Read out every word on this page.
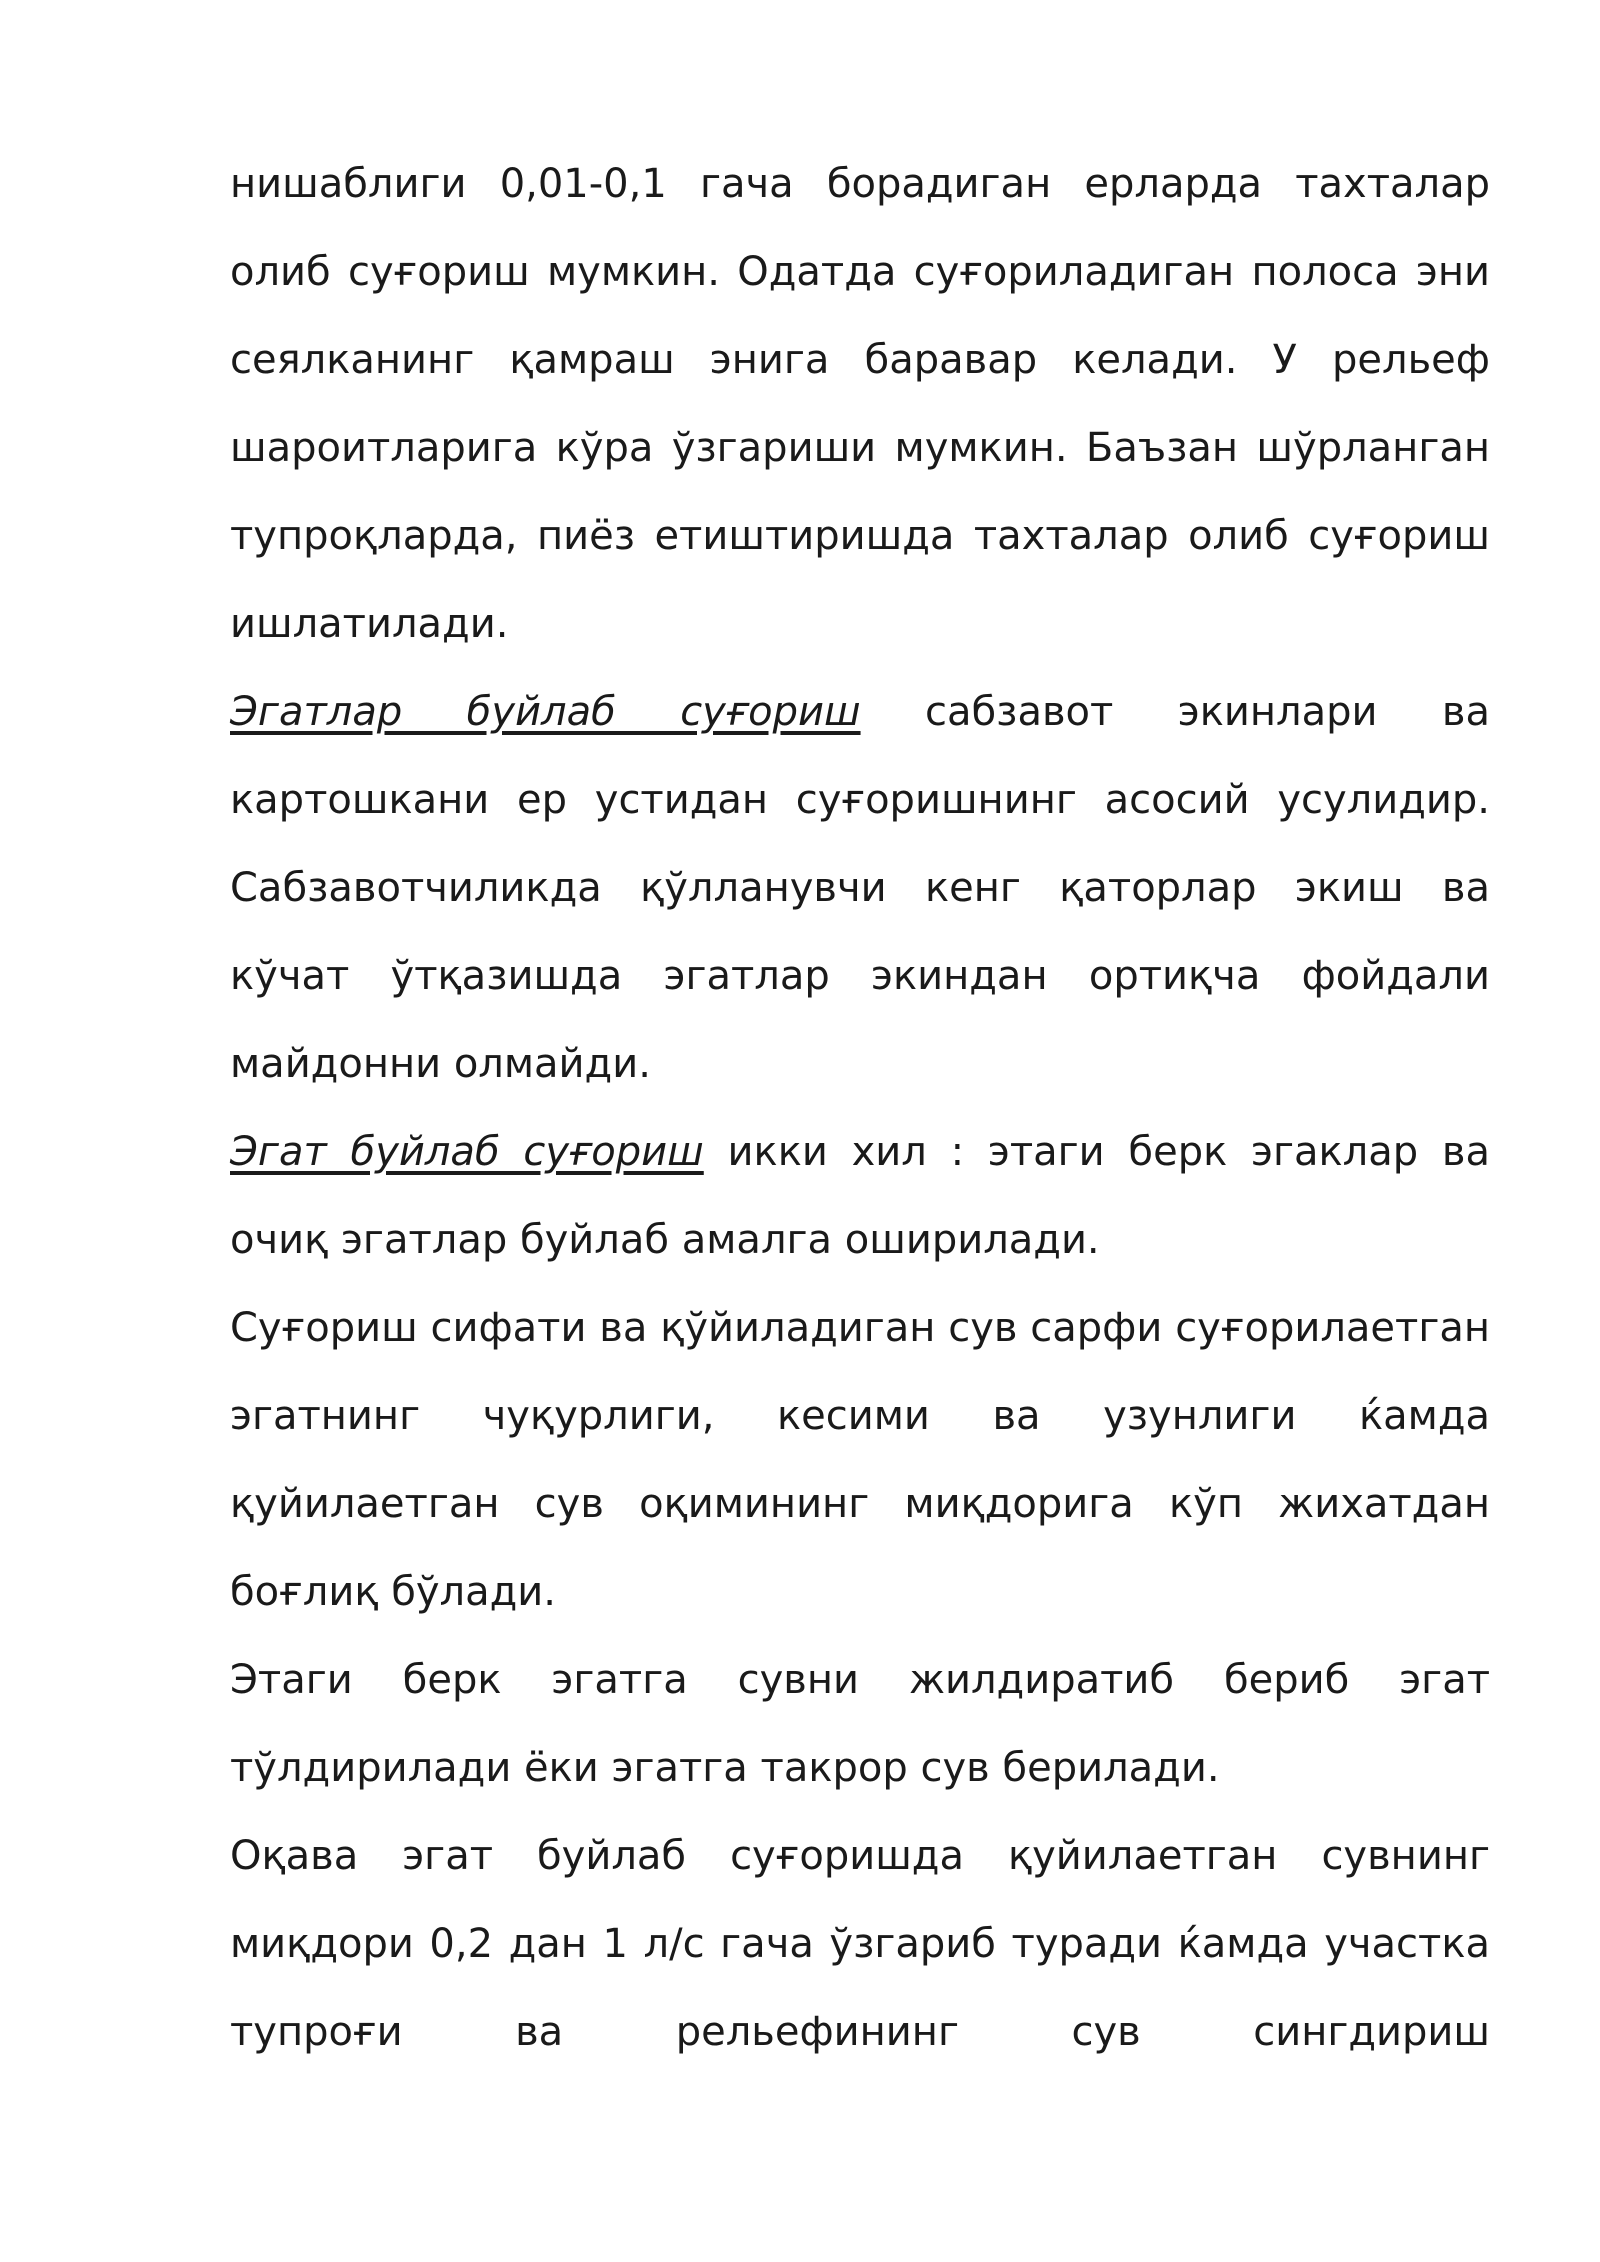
нишаблиги 0,01-0,1 гача борадиган ерларда тахталар олиб суғориш мумкин. Одатда суғориладиган полоса эни сеялканинг қамраш энига баравар келади. У рельеф шароитларига кўра ўзгариши мумкин. Баъзан шўрланган тупроқларда, пиёз етиштиришда тахталар олиб суғориш ишлатилади.

Эгатлар буйлаб суғориш сабзавот экинлари ва картошкани ер устидан суғоришнинг асосий усулидир. Сабзавотчиликда қўлланувчи кенг қаторлар экиш ва кўчат ўтқазишда эгатлар экиндан ортиқча фойдали майдонни олмайди.

Эгат буйлаб суғориш икки хил : этаги берк эгаклар ва очиқ эгатлар буйлаб амалга оширилади.

Суғориш сифати ва қўйиладиган сув сарфи суғорилаетган эгатнинг чуқурлиги, кесими ва узунлиги ќамда қуйилаетган сув оқимининг миқдорига кўп жихатдан боғлиқ бўлади.

Этаги берк эгатга сувни жилдиратиб бериб эгат тўлдирилади ёки эгатга такрор сув берилади.

Оқава эгат буйлаб суғоришда қуйилаетган сувнинг миқдори 0,2 дан 1 л/с гача ўзгариб туради ќамда участка тупроғи ва рельефининг сув сингдириш
